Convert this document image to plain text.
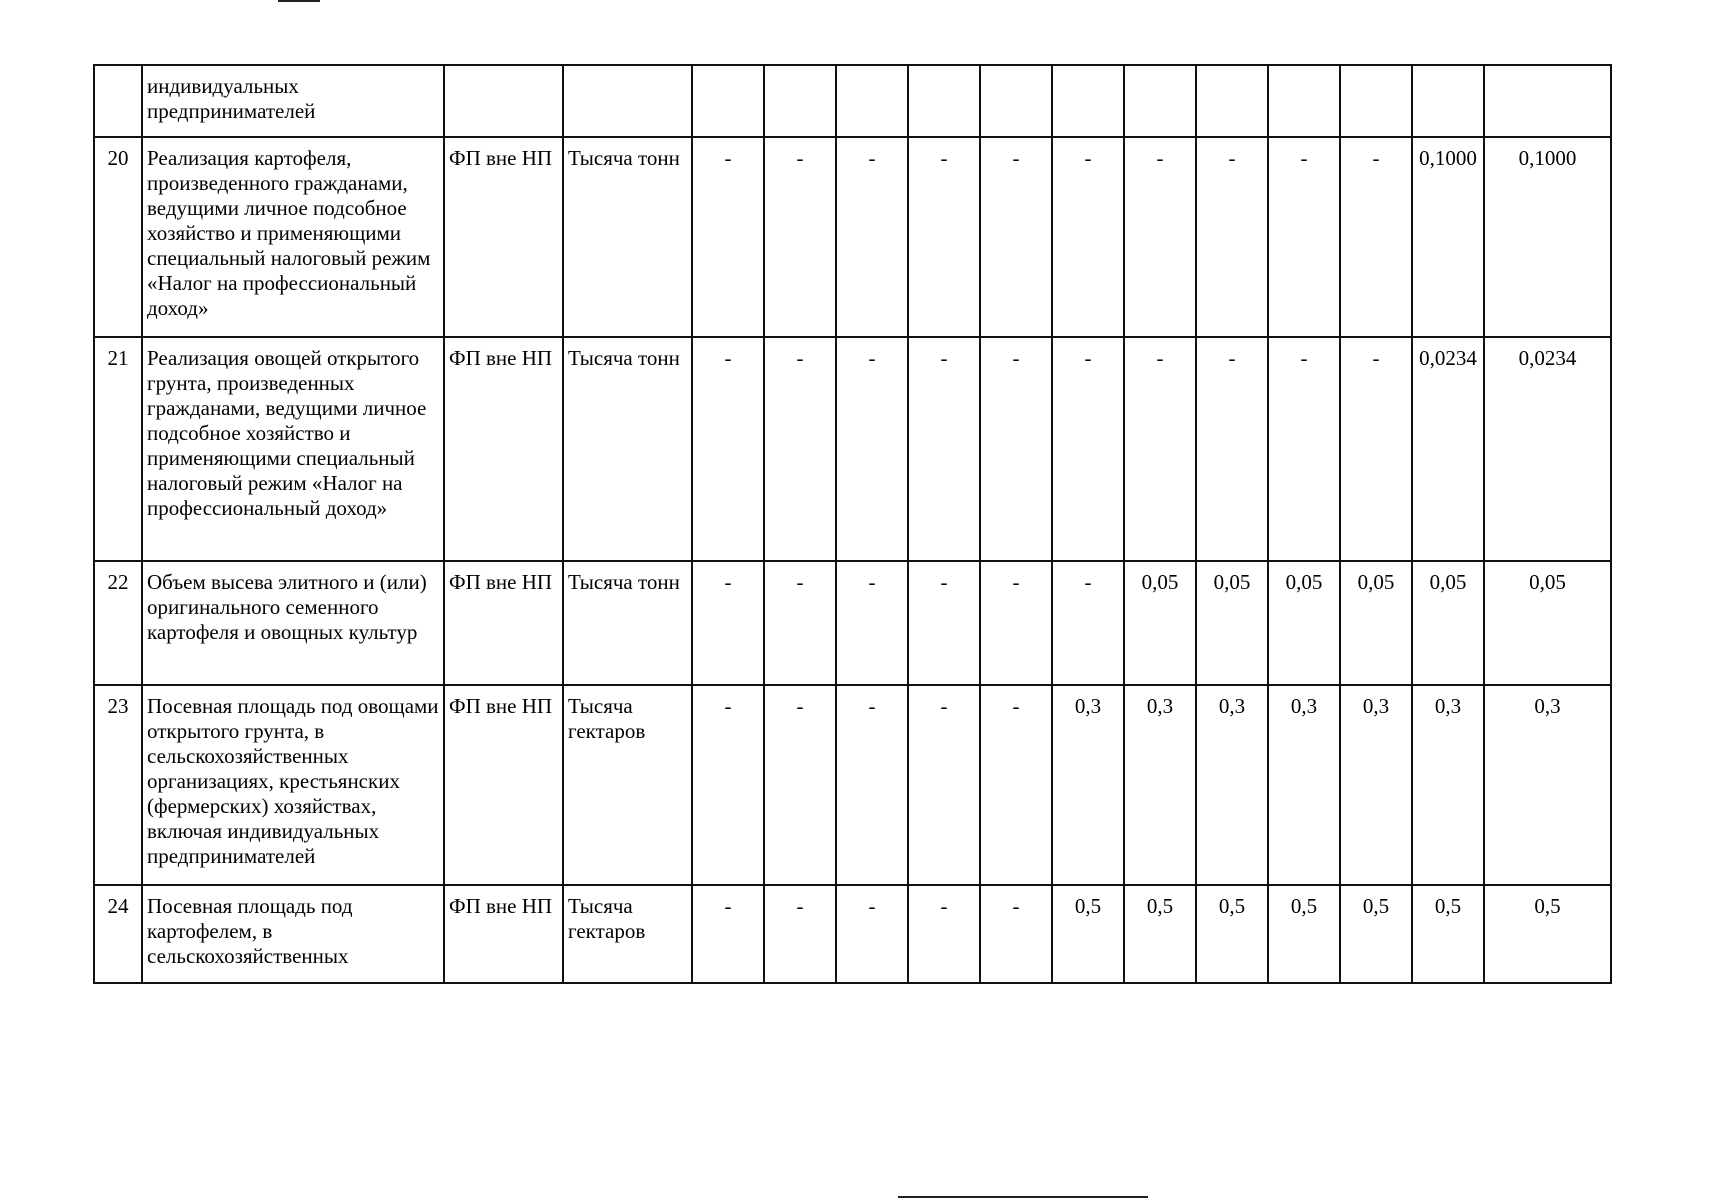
	индивидуальных предпринимателей														
20	Реализация картофеля, произведенного гражданами, ведущими личное подсобное хозяйство и применяющими специальный налоговый режим «Налог на профессиональный доход»	ФП вне НП	Тысяча тонн	-	-	-	-	-	-	-	-	-	-	0,1000	0,1000
21	Реализация овощей открытого грунта, произведенных гражданами, ведущими личное подсобное хозяйство и применяющими специальный налоговый режим «Налог на профессиональный доход»	ФП вне НП	Тысяча тонн	-	-	-	-	-	-	-	-	-	-	0,0234	0,0234
22	Объем высева элитного и (или) оригинального семенного картофеля и овощных культур	ФП вне НП	Тысяча тонн	-	-	-	-	-	-	0,05	0,05	0,05	0,05	0,05	0,05
23	Посевная площадь под овощами открытого грунта, в сельскохозяйственных организациях, крестьянских (фермерских) хозяйствах, включая индивидуальных предпринимателей	ФП вне НП	Тысяча гектаров	-	-	-	-	-	0,3	0,3	0,3	0,3	0,3	0,3	0,3
24	Посевная площадь под картофелем, в сельскохозяйственных	ФП вне НП	Тысяча гектаров	-	-	-	-	-	0,5	0,5	0,5	0,5	0,5	0,5	0,5
